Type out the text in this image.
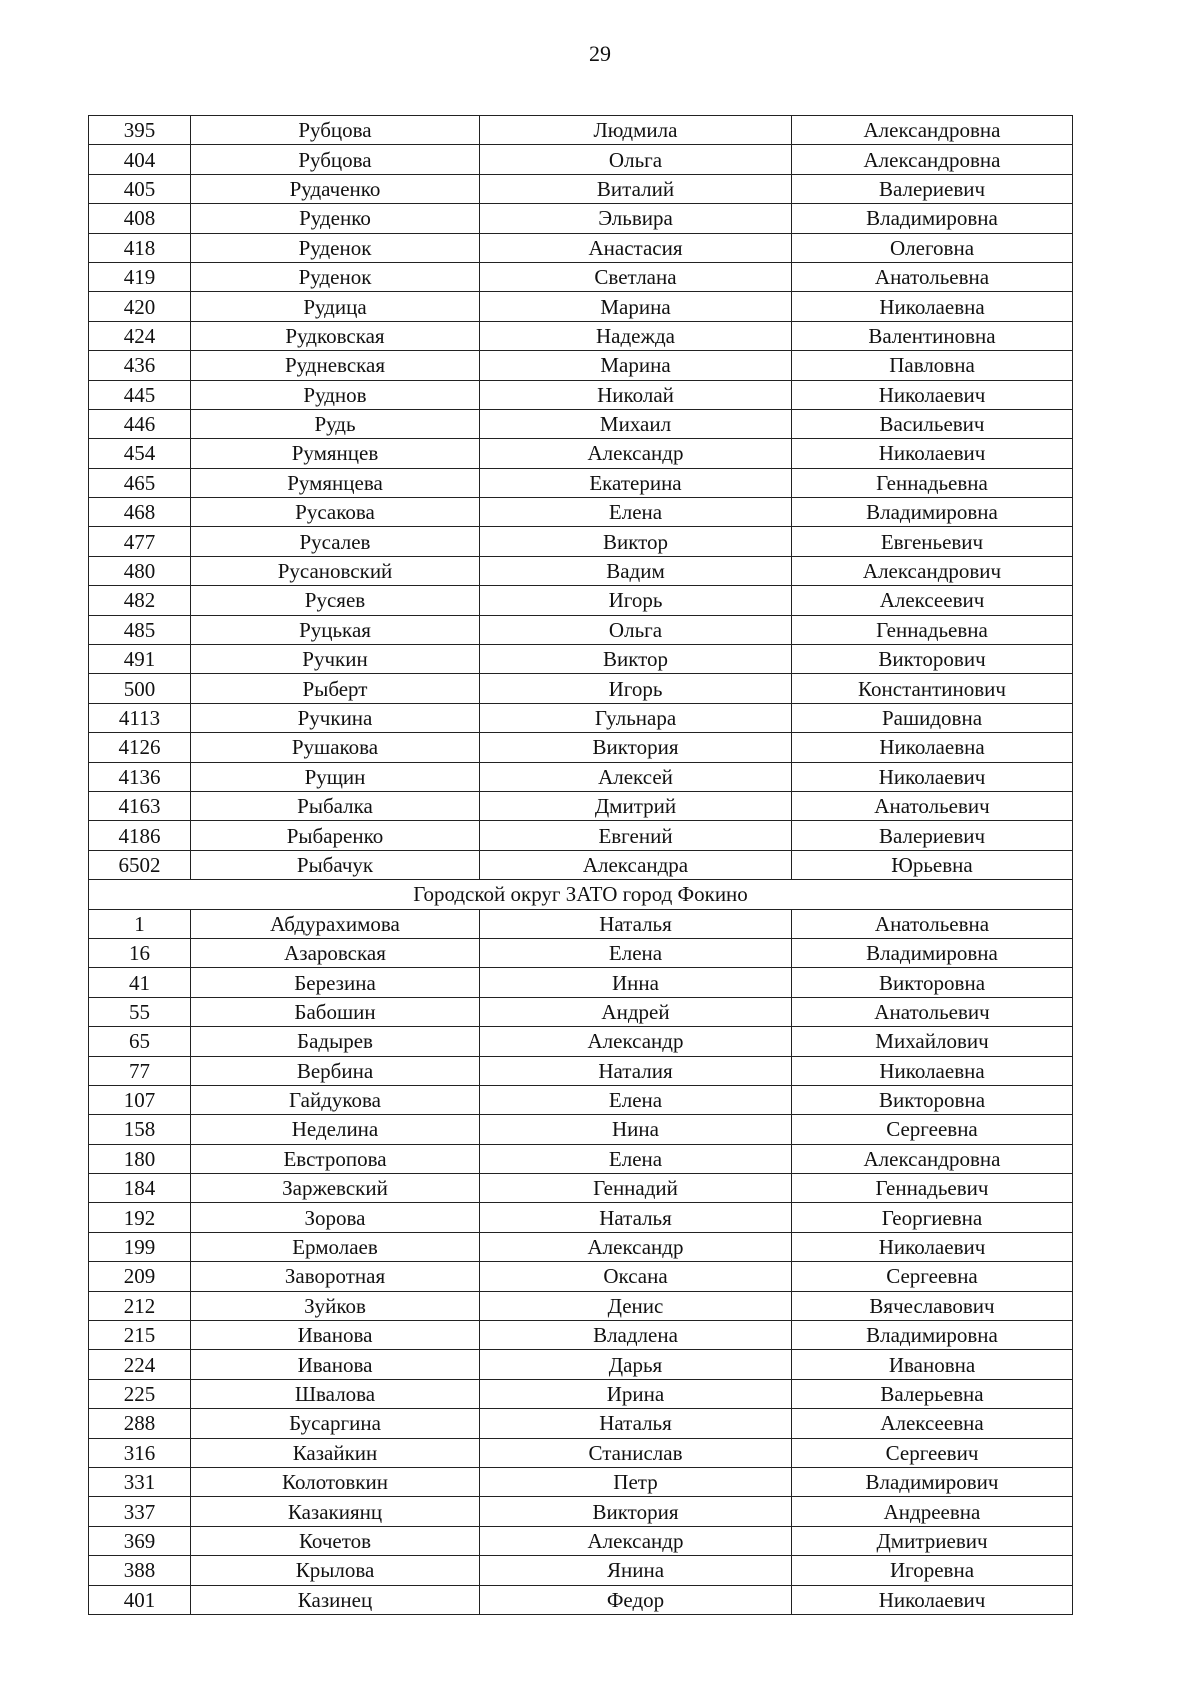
29
395	Рубцова	Людмила	Александровна
404	Рубцова	Ольга	Александровна
405	Рудаченко	Виталий	Валериевич
408	Руденко	Эльвира	Владимировна
418	Руденок	Анастасия	Олеговна
419	Руденок	Светлана	Анатольевна
420	Рудица	Марина	Николаевна
424	Рудковская	Надежда	Валентиновна
436	Рудневская	Марина	Павловна
445	Руднов	Николай	Николаевич
446	Рудь	Михаил	Васильевич
454	Румянцев	Александр	Николаевич
465	Румянцева	Екатерина	Геннадьевна
468	Русакова	Елена	Владимировна
477	Русалев	Виктор	Евгеньевич
480	Русановский	Вадим	Александрович
482	Русяев	Игорь	Алексеевич
485	Руцькая	Ольга	Геннадьевна
491	Ручкин	Виктор	Викторович
500	Рыберт	Игорь	Константинович
4113	Ручкина	Гульнара	Рашидовна
4126	Рушакова	Виктория	Николаевна
4136	Рущин	Алексей	Николаевич
4163	Рыбалка	Дмитрий	Анатольевич
4186	Рыбаренко	Евгений	Валериевич
6502	Рыбачук	Александра	Юрьевна
Городской округ ЗАТО город Фокино			
1	Абдурахимова	Наталья	Анатольевна
16	Азаровская	Елена	Владимировна
41	Березина	Инна	Викторовна
55	Бабошин	Андрей	Анатольевич
65	Бадырев	Александр	Михайлович
77	Вербина	Наталия	Николаевна
107	Гайдукова	Елена	Викторовна
158	Неделина	Нина	Сергеевна
180	Евстропова	Елена	Александровна
184	Заржевский	Геннадий	Геннадьевич
192	Зорова	Наталья	Георгиевна
199	Ермолаев	Александр	Николаевич
209	Заворотная	Оксана	Сергеевна
212	Зуйков	Денис	Вячеславович
215	Иванова	Владлена	Владимировна
224	Иванова	Дарья	Ивановна
225	Швалова	Ирина	Валерьевна
288	Бусаргина	Наталья	Алексеевна
316	Казайкин	Станислав	Сергеевич
331	Колотовкин	Петр	Владимирович
337	Казакиянц	Виктория	Андреевна
369	Кочетов	Александр	Дмитриевич
388	Крылова	Янина	Игоревна
401	Казинец	Федор	Николаевич
